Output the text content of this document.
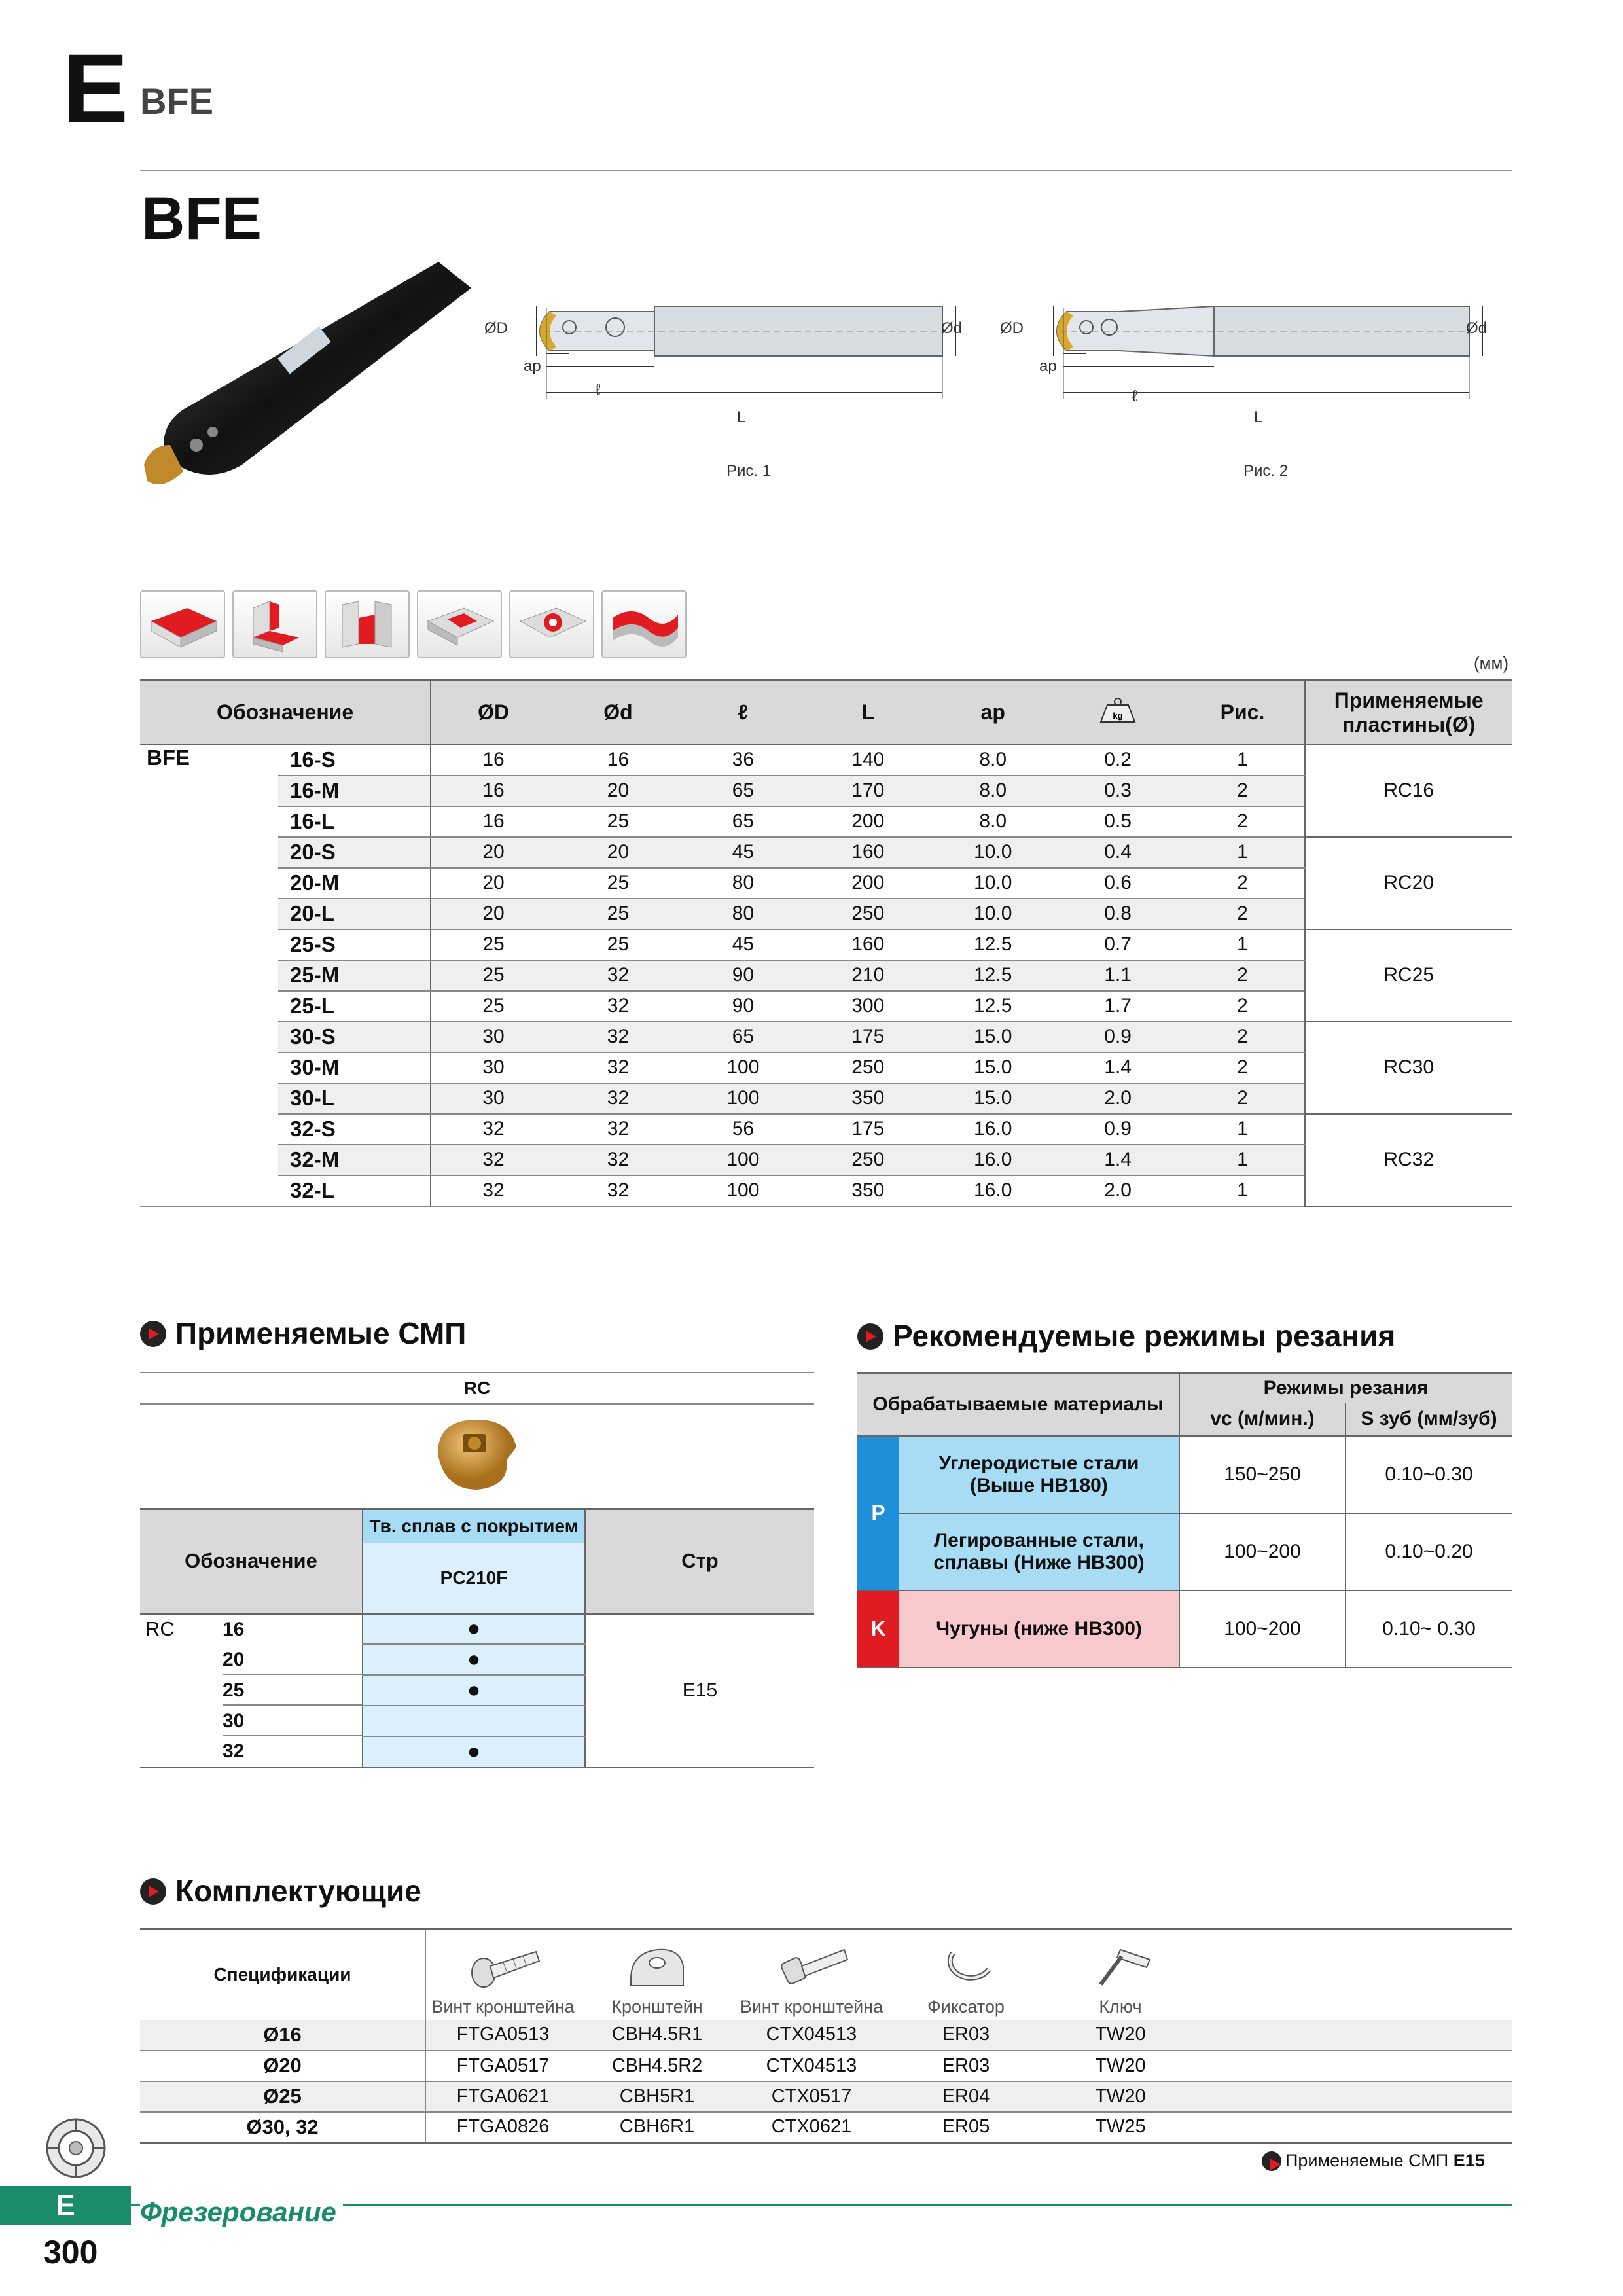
E BFE
BFE
ØD	Ød
ap
ℓ
L
Рис. 1
ØD	Ød
ap
ℓ
L
Рис. 2
(мм)
Обозначение		ØD	Ød	ℓ	L	ap	kg	Рис.	Применяемые пластины(Ø)
BFE	16-S	16	16	36	140	8.0	0.2	1	RC16
	16-M	16	20	65	170	8.0	0.3	2	
	16-L	16	25	65	200	8.0	0.5	2	
	20-S	20	20	45	160	10.0	0.4	1	RC20
	20-M	20	25	80	200	10.0	0.6	2	
	20-L	20	25	80	250	10.0	0.8	2	
	25-S	25	25	45	160	12.5	0.7	1	RC25
	25-M	25	32	90	210	12.5	1.1	2	
	25-L	25	32	90	300	12.5	1.7	2	
	30-S	30	32	65	175	15.0	0.9	2	RC30
	30-M	30	32	100	250	15.0	1.4	2	
	30-L	30	32	100	350	15.0	2.0	2	
	32-S	32	32	56	175	16.0	0.9	1	RC32
	32-M	32	32	100	250	16.0	1.4	1	
	32-L	32	32	100	350	16.0	2.0	1	
Применяемые СМП
RC		

Обозначение	Тв. сплав с покрытием	Стр
	PC210F	
RC 16	●	E15
20	●	
25	●	
30		
32	●	
Рекомендуемые режимы резания
Обрабатываемые материалы		Режимы резания	
		vc (м/мин.)	S зуб (мм/зуб)
P	Углеродистые стали (Выше HB180)	150~250	0.10~0.30
	Легированные стали, сплавы (Ниже HB300)	100~200	0.10~0.20
K	Чугуны (ниже HB300)	100~200	0.10~ 0.30
Комплектующие
Спецификации	Винт кронштейна	Кронштейн	Винт кронштейна	Фиксатор	Ключ	
Ø16	FTGA0513	CBH4.5R1	CTX04513	ER03	TW20	
Ø20	FTGA0517	CBH4.5R2	CTX04513	ER03	TW20	
Ø25	FTGA0621	CBH5R1	CTX0517	ER04	TW20	
Ø30, 32	FTGA0826	CBH6R1	CTX0621	ER05	TW25	
Применяемые СМП E15
E	Фрезерование
300
